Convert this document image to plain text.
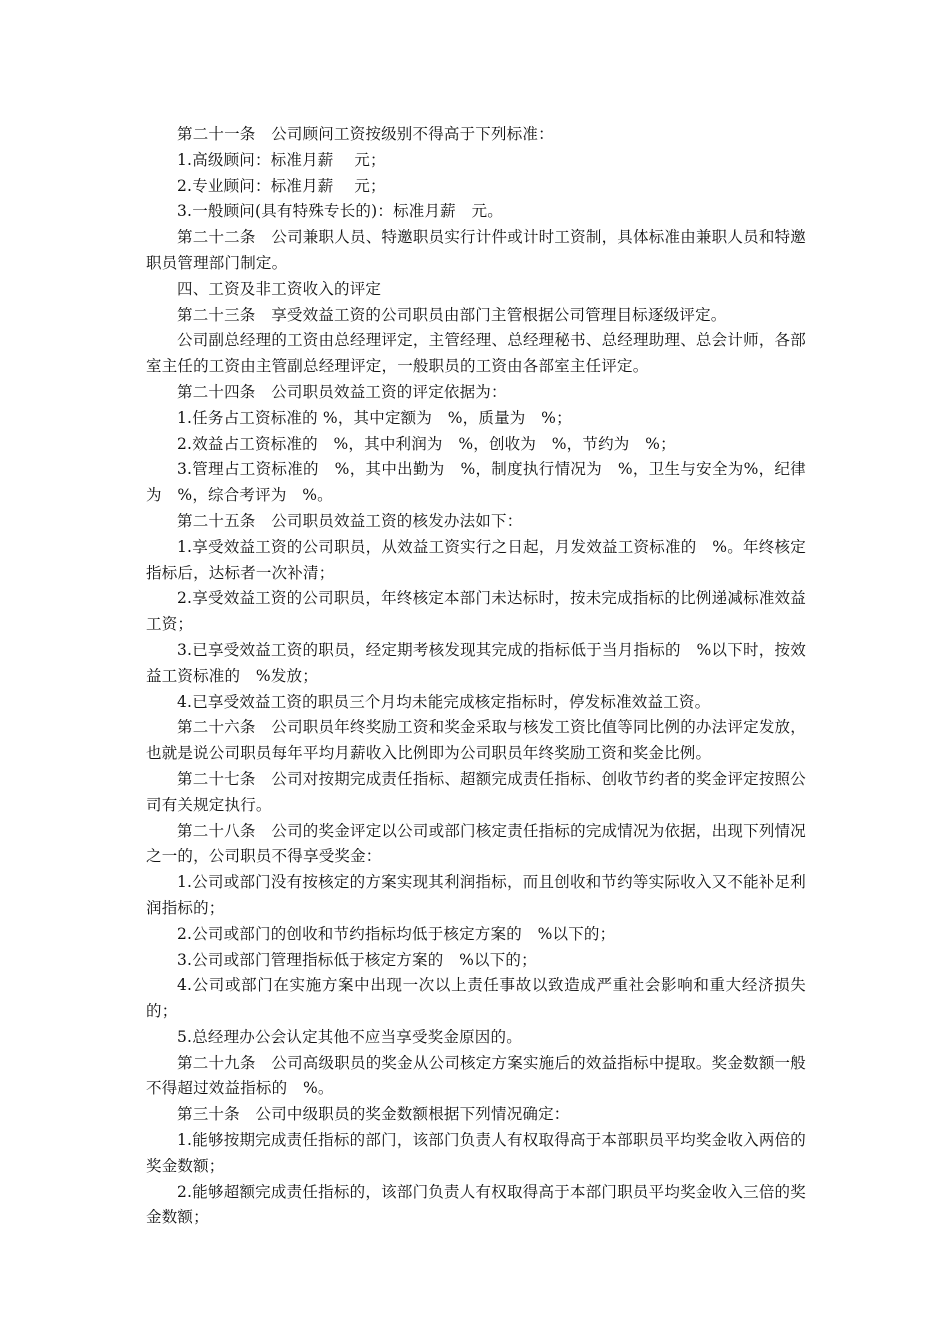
第二十一条　公司顾问工资按级别不得高于下列标准：

1.高级顾问：标准月薪　 元；

2.专业顾问：标准月薪　 元；

3.一般顾问(具有特殊专长的)：标准月薪　元。

第二十二条　公司兼职人员、特邀职员实行计件或计时工资制，具体标准由兼职人员和特邀职员管理部门制定。

四、工资及非工资收入的评定

第二十三条　享受效益工资的公司职员由部门主管根据公司管理目标逐级评定。

公司副总经理的工资由总经理评定，主管经理、总经理秘书、总经理助理、总会计师，各部室主任的工资由主管副总经理评定，一般职员的工资由各部室主任评定。

第二十四条　公司职员效益工资的评定依据为：

1.任务占工资标准的 %，其中定额为　%，质量为　%；

2.效益占工资标准的　%，其中利润为　%，创收为　%，节约为　%；

3.管理占工资标准的　%，其中出勤为　%，制度执行情况为　%，卫生与安全为%，纪律为　%，综合考评为　%。

第二十五条　公司职员效益工资的核发办法如下：

1.享受效益工资的公司职员，从效益工资实行之日起，月发效益工资标准的　%。年终核定指标后，达标者一次补清；

2.享受效益工资的公司职员，年终核定本部门未达标时，按未完成指标的比例递减标准效益工资；

3.已享受效益工资的职员，经定期考核发现其完成的指标低于当月指标的　%以下时，按效益工资标准的　%发放；

4.已享受效益工资的职员三个月均未能完成核定指标时，停发标准效益工资。

第二十六条　公司职员年终奖励工资和奖金采取与核发工资比值等同比例的办法评定发放，也就是说公司职员每年平均月薪收入比例即为公司职员年终奖励工资和奖金比例。

第二十七条　公司对按期完成责任指标、超额完成责任指标、创收节约者的奖金评定按照公司有关规定执行。

第二十八条　公司的奖金评定以公司或部门核定责任指标的完成情况为依据，出现下列情况之一的，公司职员不得享受奖金：

1.公司或部门没有按核定的方案实现其利润指标，而且创收和节约等实际收入又不能补足利润指标的；

2.公司或部门的创收和节约指标均低于核定方案的　%以下的；

3.公司或部门管理指标低于核定方案的　%以下的；

4.公司或部门在实施方案中出现一次以上责任事故以致造成严重社会影响和重大经济损失的；

5.总经理办公会认定其他不应当享受奖金原因的。

第二十九条　公司高级职员的奖金从公司核定方案实施后的效益指标中提取。奖金数额一般不得超过效益指标的　%。

第三十条　公司中级职员的奖金数额根据下列情况确定：

1.能够按期完成责任指标的部门，该部门负责人有权取得高于本部职员平均奖金收入两倍的奖金数额；

2.能够超额完成责任指标的，该部门负责人有权取得高于本部门职员平均奖金收入三倍的奖金数额；
